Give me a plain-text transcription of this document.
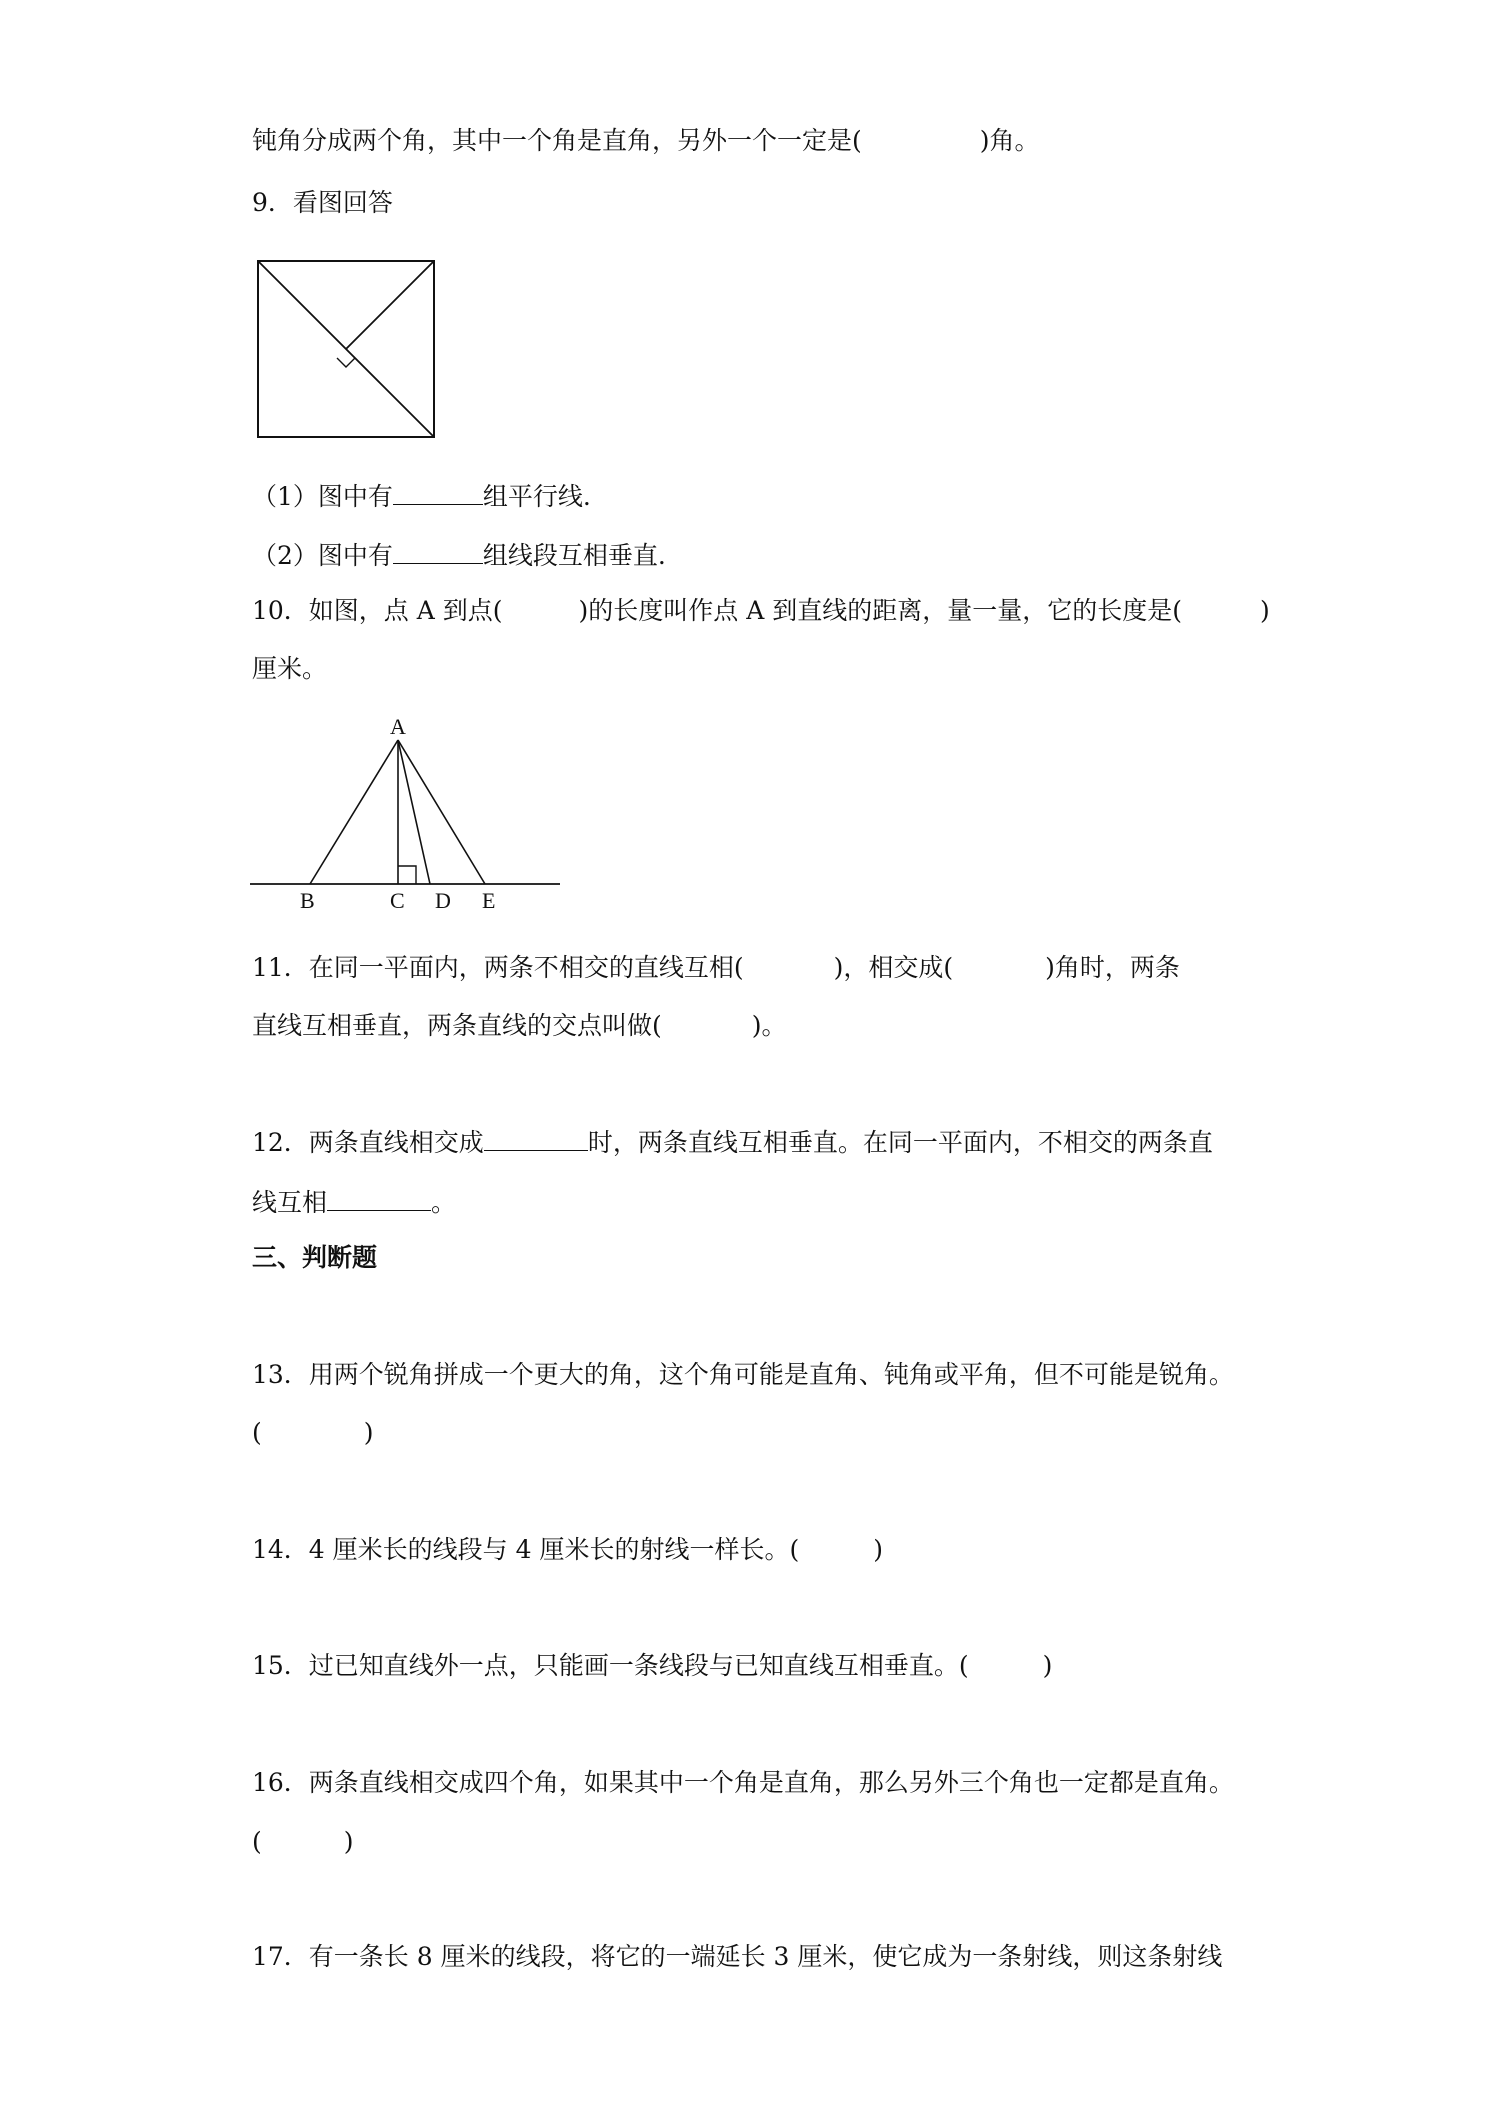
钝角分成两个角，其中一个角是直角，另外一个一定是(	)角。
9．看图回答
（1）图中有	组平行线.
（2）图中有	组线段互相垂直.
10．如图，点 A 到点(	)的长度叫作点 A 到直线的距离，量一量，它的长度是(	)
厘米。
A
B	C D E
11．在同一平面内，两条不相交的直线互相(	)，相交成(	)角时，两条
直线互相垂直，两条直线的交点叫做(	)。
12．两条直线相交成	时，两条直线互相垂直。在同一平面内，不相交的两条直
线互相	。
三、判断题
13．用两个锐角拼成一个更大的角，这个角可能是直角、钝角或平角，但不可能是锐角。
(	)
14．4 厘米长的线段与 4 厘米长的射线一样长。(	)
15．过已知直线外一点，只能画一条线段与已知直线互相垂直。(	)
16．两条直线相交成四个角，如果其中一个角是直角，那么另外三个角也一定都是直角。
(	)
17．有一条长 8 厘米的线段，将它的一端延长 3 厘米，使它成为一条射线，则这条射线
